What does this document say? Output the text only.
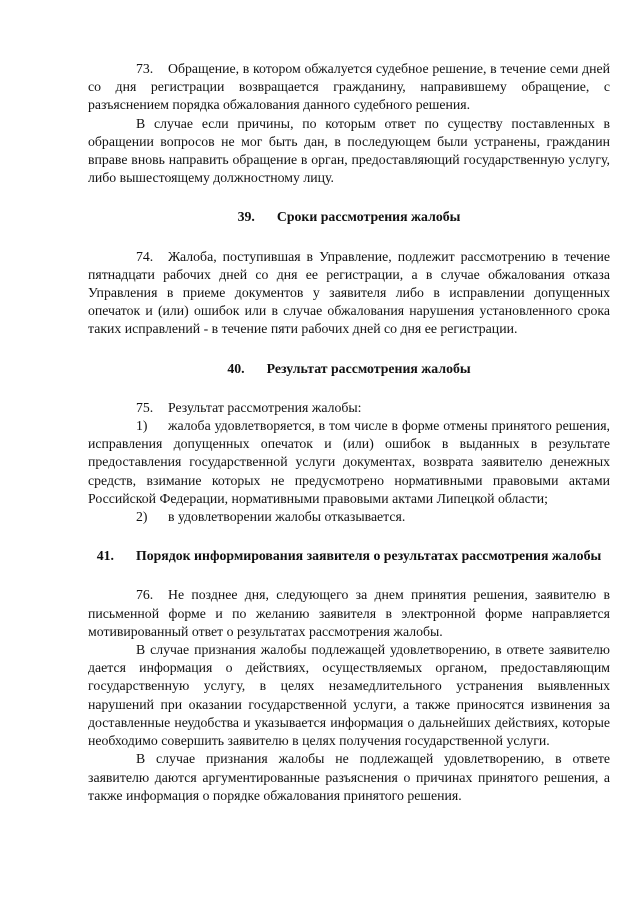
73. Обращение, в котором обжалуется судебное решение, в течение семи дней со дня регистрации возвращается гражданину, направившему обращение, с разъяснением порядка обжалования данного судебного решения.

В случае если причины, по которым ответ по существу поставленных в обращении вопросов не мог быть дан, в последующем были устранены, гражданин вправе вновь направить обращение в орган, предоставляющий государственную услугу, либо вышестоящему должностному лицу.

39. Сроки рассмотрения жалобы

74. Жалоба, поступившая в Управление, подлежит рассмотрению в течение пятнадцати рабочих дней со дня ее регистрации, а в случае обжалования отказа Управления в приеме документов у заявителя либо в исправлении допущенных опечаток и (или) ошибок или в случае обжалования нарушения установленного срока таких исправлений - в течение пяти рабочих дней со дня ее регистрации.

40. Результат рассмотрения жалобы

75. Результат рассмотрения жалобы:

1) жалоба удовлетворяется, в том числе в форме отмены принятого решения, исправления допущенных опечаток и (или) ошибок в выданных в результате предоставления государственной услуги документах, возврата заявителю денежных средств, взимание которых не предусмотрено нормативными правовыми актами Российской Федерации, нормативными правовыми актами Липецкой области;

2) в удовлетворении жалобы отказывается.

41. Порядок информирования заявителя о результатах рассмотрения жалобы

76. Не позднее дня, следующего за днем принятия решения, заявителю в письменной форме и по желанию заявителя в электронной форме направляется мотивированный ответ о результатах рассмотрения жалобы.

В случае признания жалобы подлежащей удовлетворению, в ответе заявителю дается информация о действиях, осуществляемых органом, предоставляющим государственную услугу, в целях незамедлительного устранения выявленных нарушений при оказании государственной услуги, а также приносятся извинения за доставленные неудобства и указывается информация о дальнейших действиях, которые необходимо совершить заявителю в целях получения государственной услуги.

В случае признания жалобы не подлежащей удовлетворению, в ответе заявителю даются аргументированные разъяснения о причинах принятого решения, а также информация о порядке обжалования принятого решения.
